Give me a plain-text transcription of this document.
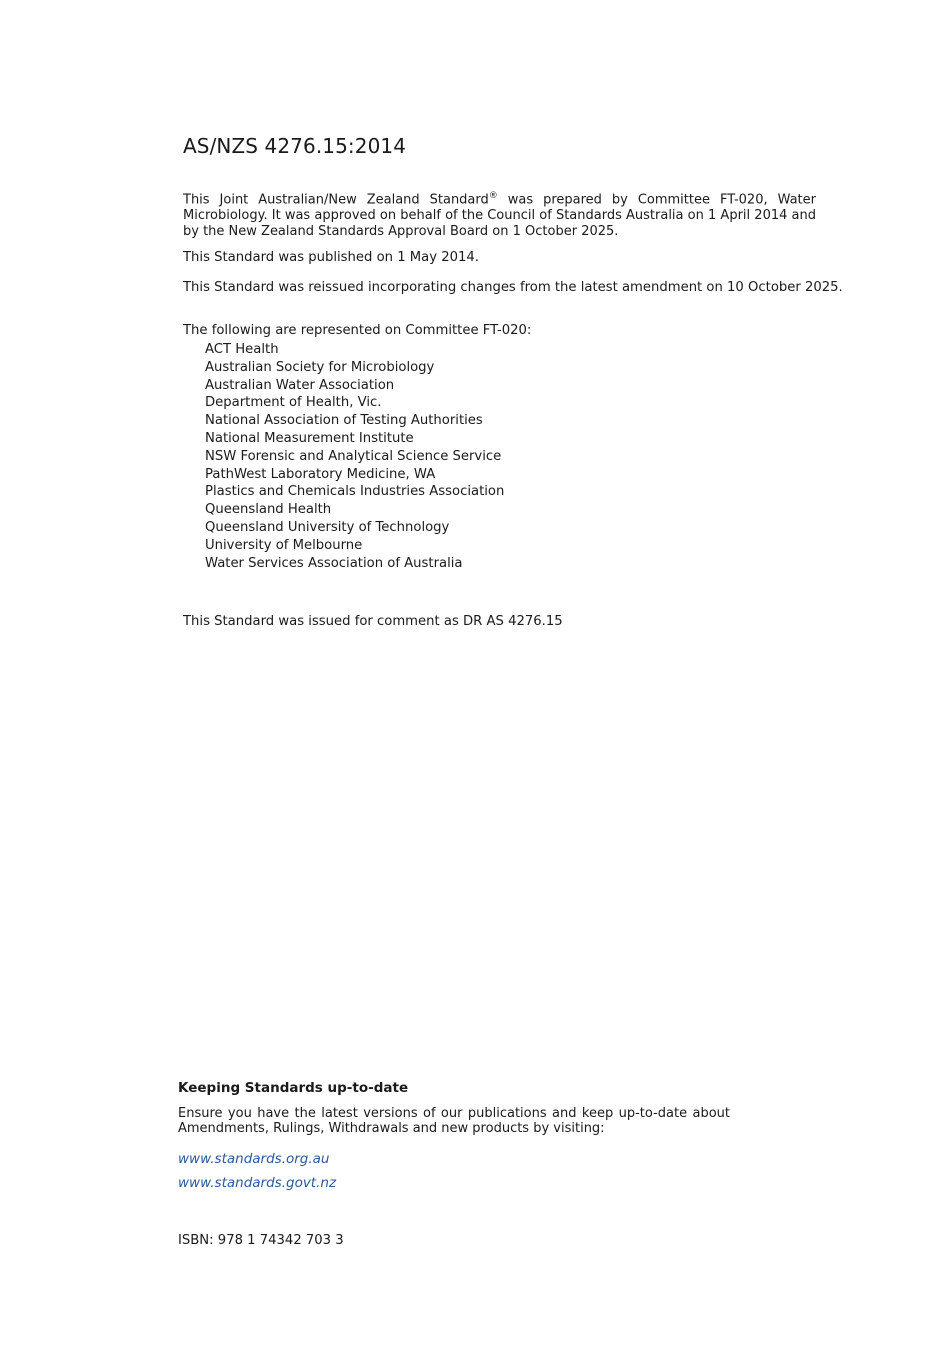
AS/NZS 4276.15:2014

This Joint Australian/New Zealand Standard® was prepared by Committee FT-020, Water Microbiology. It was approved on behalf of the Council of Standards Australia on 1 April 2014 and by the New Zealand Standards Approval Board on 1 October 2025.

This Standard was published on 1 May 2014.

This Standard was reissued incorporating changes from the latest amendment on 10 October 2025.

The following are represented on Committee FT-020:

ACT Health
Australian Society for Microbiology
Australian Water Association
Department of Health, Vic.
National Association of Testing Authorities
National Measurement Institute
NSW Forensic and Analytical Science Service
PathWest Laboratory Medicine, WA
Plastics and Chemicals Industries Association
Queensland Health
Queensland University of Technology
University of Melbourne
Water Services Association of Australia

This Standard was issued for comment as DR AS 4276.15

Keeping Standards up-to-date

Ensure you have the latest versions of our publications and keep up-to-date about Amendments, Rulings, Withdrawals and new products by visiting:

www.standards.org.au
www.standards.govt.nz

ISBN: 978 1 74342 703 3
